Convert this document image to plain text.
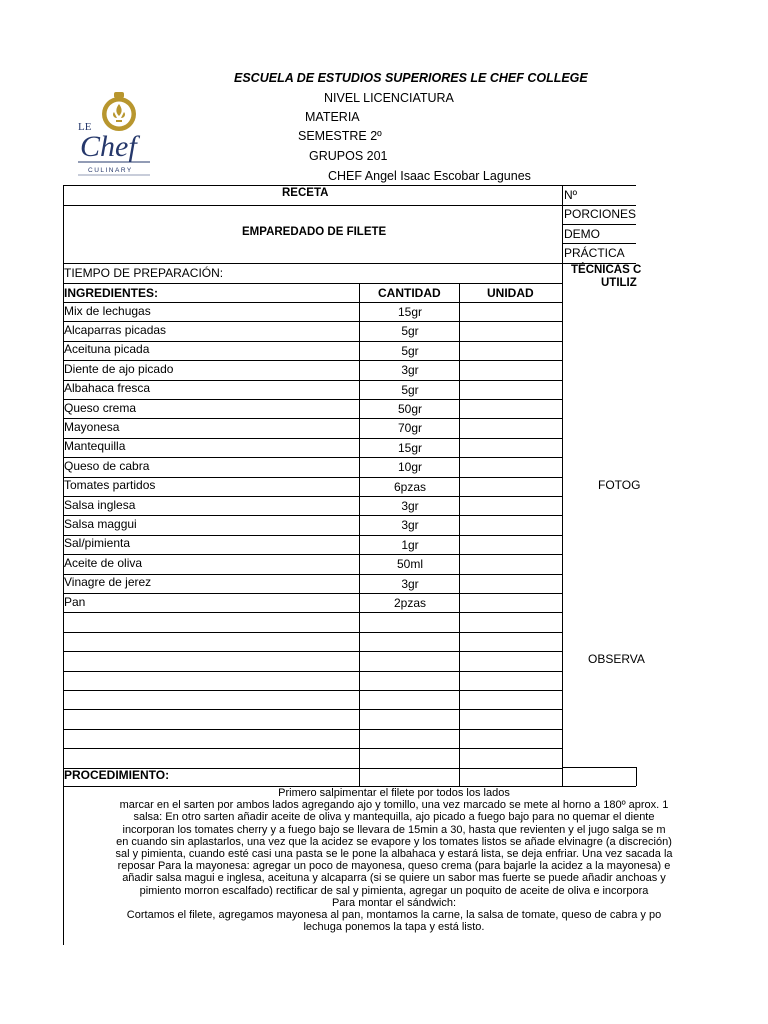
ESCUELA DE ESTUDIOS SUPERIORES LE CHEF COLLEGE
NIVEL LICENCIATURA
MATERIA
SEMESTRE 2º
GRUPOS 201
CHEF Angel Isaac Escobar Lagunes
LE
Chef
CULINARY
RECETA
EMPAREDADO DE FILETE
Nº
PORCIONES
DEMO
PRÁCTICA
TIEMPO DE PREPARACIÓN:	TÉCNICAS C
UTILIZ
FOTOG
OBSERVA
INGREDIENTES:	CANTIDAD	UNIDAD
Mix de lechugas	15gr
Alcaparras picadas	5gr
Aceituna picada	5gr
Diente de ajo picado	3gr
Albahaca fresca	5gr
Queso crema	50gr
Mayonesa	70gr
Mantequilla	15gr
Queso de cabra	10gr
Tomates partidos	6pzas
Salsa inglesa	3gr
Salsa maggui	3gr
Sal/pimienta	1gr
Aceite de oliva	50ml
Vinagre de jerez	3gr
Pan	2pzas
PROCEDIMIENTO:
Primero salpimentar el filete por todos los lados
marcar en el sarten por ambos lados agregando ajo y tomillo, una vez marcado se mete al horno a 180º aprox. 1
salsa: En otro sarten añadir aceite de oliva y mantequilla, ajo picado a fuego bajo para no quemar el diente
incorporan los tomates cherry y a fuego bajo se llevara de 15min a 30, hasta que revienten y el jugo salga se m
en cuando sin aplastarlos, una vez que la acidez se evapore y los tomates listos se añade elvinagre (a discreción)
sal y pimienta, cuando esté casi una pasta se le pone la albahaca y estará lista, se deja enfriar. Una vez sacada la
reposar Para la mayonesa: agregar un poco de mayonesa, queso crema (para bajarle la acidez a la mayonesa) e
añadir salsa magui e inglesa, aceituna y alcaparra (si se quiere un sabor mas fuerte se puede añadir anchoas y
pimiento morron escalfado) rectificar de sal y pimienta, agregar un poquito de aceite de oliva e incorpora
Para montar el sándwich:
Cortamos el filete, agregamos mayonesa al pan, montamos la carne, la salsa de tomate, queso de cabra y po
lechuga ponemos la tapa y está listo.
